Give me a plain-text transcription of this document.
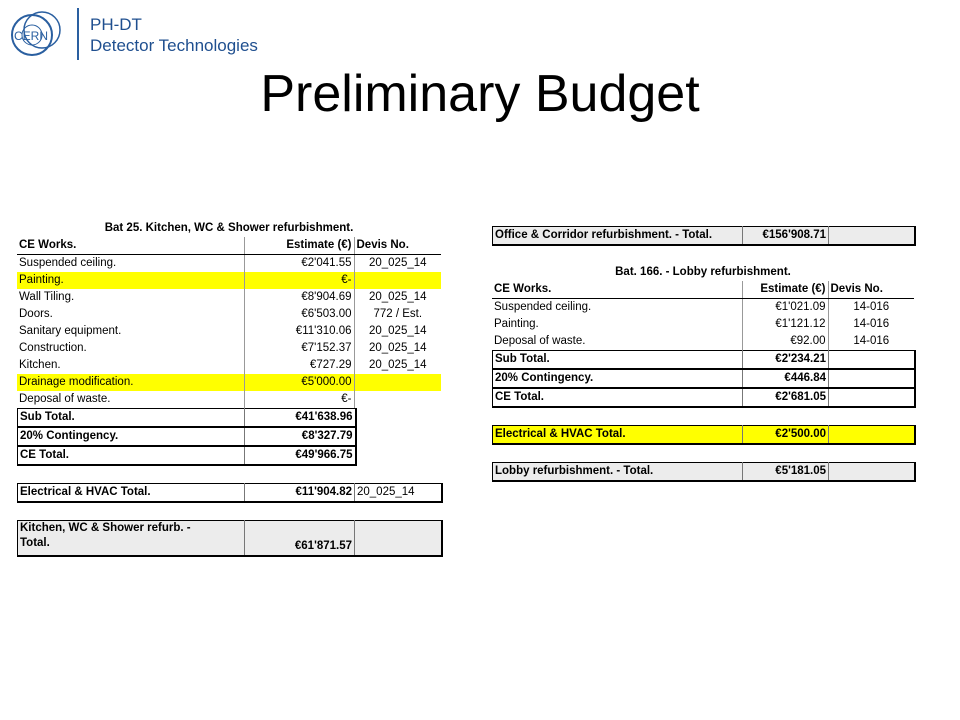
CERN
PH-DT
Detector Technologies
Preliminary Budget
Bat 25. Kitchen, WC & Shower refurbishment.
CE Works.	Estimate (€)	Devis No.
Suspended ceiling.	€2'041.55	20_025_14
Painting.	€-	
Wall Tiling.	€8'904.69	20_025_14
Doors.	€6'503.00	772 / Est.
Sanitary equipment.	€11'310.06	20_025_14
Construction.	€7'152.37	20_025_14
Kitchen.	€727.29	20_025_14
Drainage modification.	€5'000.00	
Deposal of waste.	€-	
Sub Total.	€41'638.96
20% Contingency.	€8'327.79
CE Total.	€49'966.75
Electrical & HVAC Total.	€11'904.82	20_025_14
Kitchen, WC & Shower refurb. -
Total.	€61'871.57	
Office & Corridor refurbishment. - Total.	€156'908.71	
Bat. 166. - Lobby refurbishment.
CE Works.	Estimate (€)	Devis No.
Suspended ceiling.	€1'021.09	14-016
Painting.	€1'121.12	14-016
Deposal of waste.	€92.00	14-016
Sub Total.	€2'234.21	
20% Contingency.	€446.84	
CE Total.	€2'681.05	
Electrical & HVAC Total.	€2'500.00	
Lobby refurbishment. - Total.	€5'181.05	
